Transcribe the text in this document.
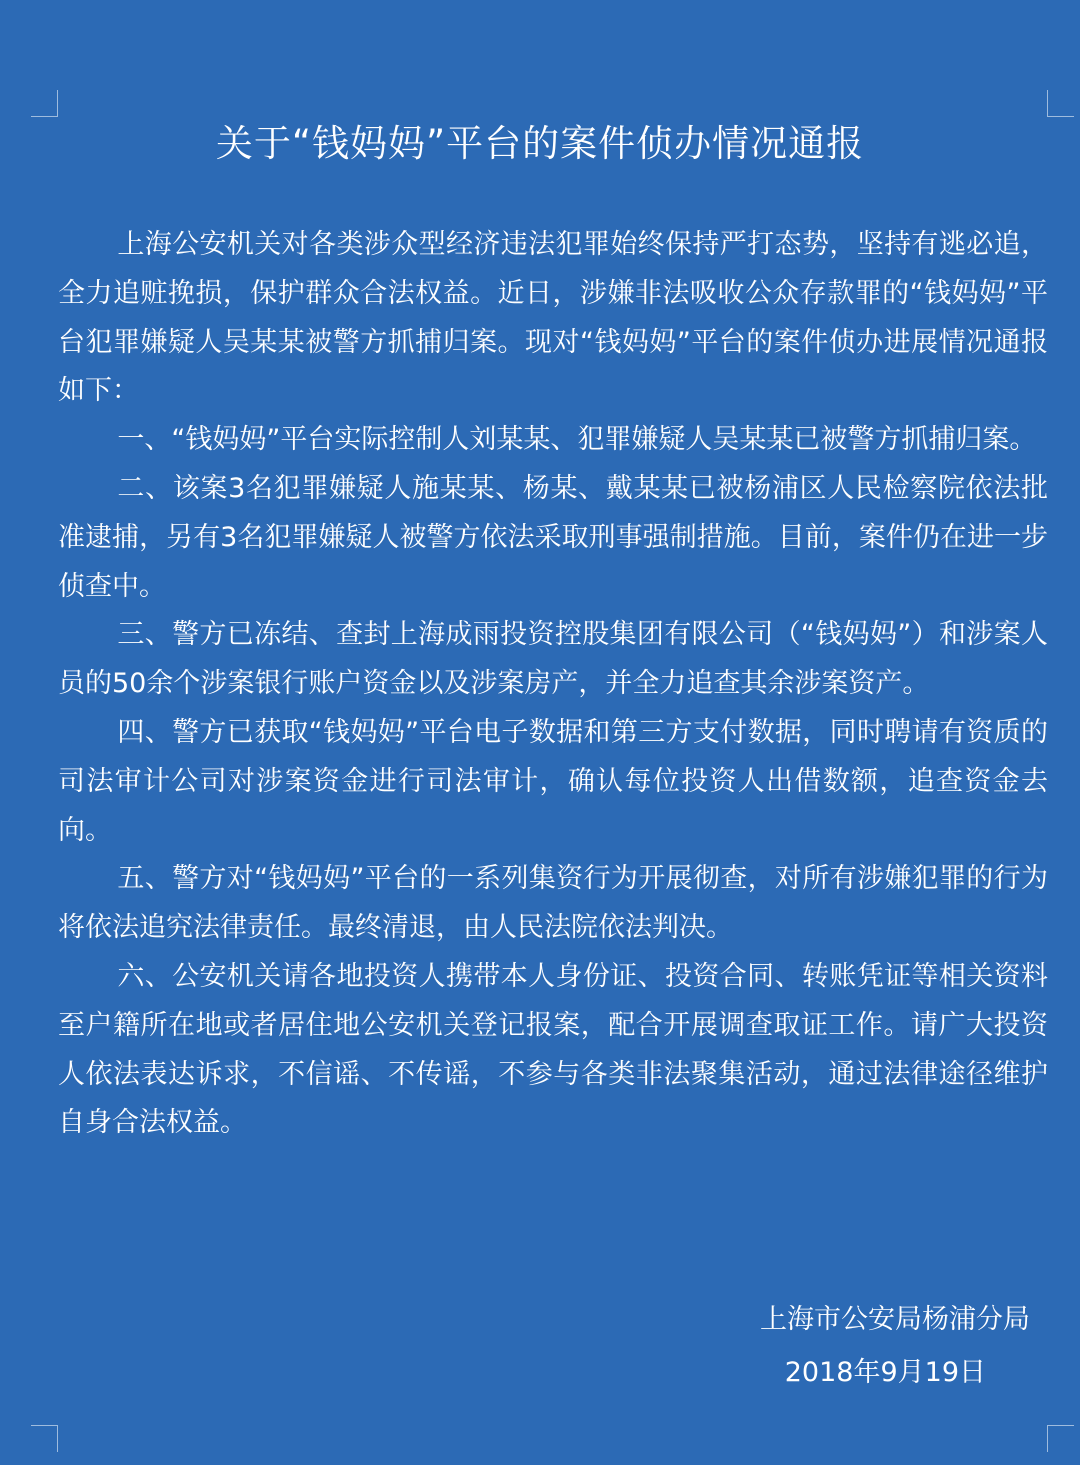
关于“钱妈妈”平台的案件侦办情况通报

上海公安机关对各类涉众型经济违法犯罪始终保持严打态势，坚持有逃必追，全力追赃挽损，保护群众合法权益。近日，涉嫌非法吸收公众存款罪的“钱妈妈”平台犯罪嫌疑人吴某某被警方抓捕归案。现对“钱妈妈”平台的案件侦办进展情况通报如下：

一、“钱妈妈”平台实际控制人刘某某、犯罪嫌疑人吴某某已被警方抓捕归案。

二、该案3名犯罪嫌疑人施某某、杨某、戴某某已被杨浦区人民检察院依法批准逮捕，另有3名犯罪嫌疑人被警方依法采取刑事强制措施。目前，案件仍在进一步侦查中。

三、警方已冻结、查封上海成雨投资控股集团有限公司（“钱妈妈”）和涉案人员的50余个涉案银行账户资金以及涉案房产，并全力追查其余涉案资产。

四、警方已获取“钱妈妈”平台电子数据和第三方支付数据，同时聘请有资质的司法审计公司对涉案资金进行司法审计，确认每位投资人出借数额，追查资金去向。

五、警方对“钱妈妈”平台的一系列集资行为开展彻查，对所有涉嫌犯罪的行为将依法追究法律责任。最终清退，由人民法院依法判决。

六、公安机关请各地投资人携带本人身份证、投资合同、转账凭证等相关资料至户籍所在地或者居住地公安机关登记报案，配合开展调查取证工作。请广大投资人依法表达诉求，不信谣、不传谣，不参与各类非法聚集活动，通过法律途径维护自身合法权益。

上海市公安局杨浦分局
2018年9月19日
